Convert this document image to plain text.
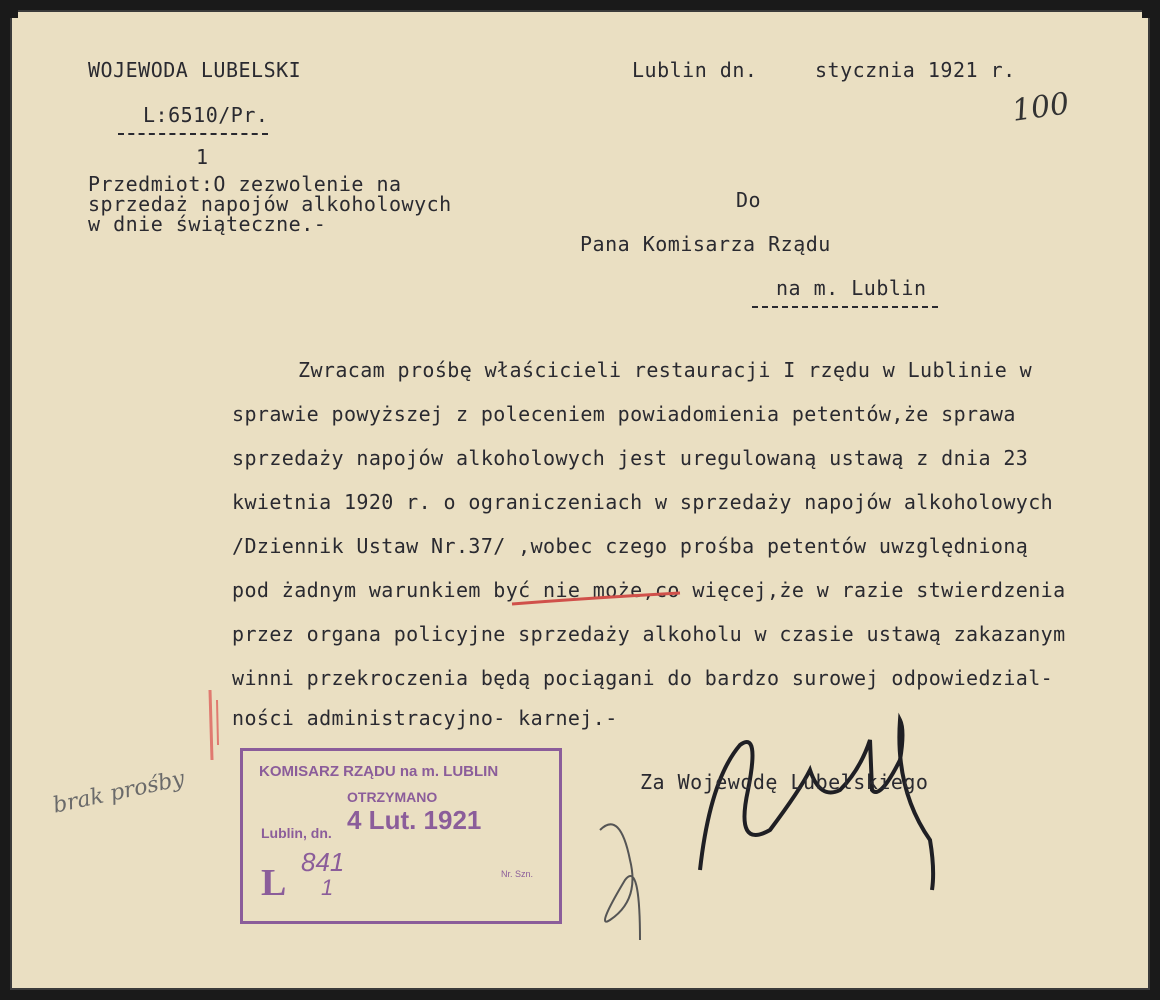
WOJEWODA LUBELSKI
L:6510/Pr.
1
Lublin dn.	stycznia 1921 r.
100
Przedmiot:O zezwolenie na
sprzedaż napojów alkoholowych
w dnie świąteczne.-
Do
Pana Komisarza Rządu
na m. Lublin
Zwracam prośbę właścicieli restauracji I rzędu w Lublinie w
sprawie powyższej z poleceniem powiadomienia petentów,że sprawa
sprzedaży napojów alkoholowych jest uregulowaną ustawą z dnia 23
kwietnia 1920 r. o ograniczeniach w sprzedaży napojów alkoholowych
/Dziennik Ustaw Nr.37/ ,wobec czego prośba petentów uwzględnioną
pod żadnym warunkiem być nie może,co więcej,że w razie stwierdzenia
przez organa policyjne sprzedaży alkoholu w czasie ustawą zakazanym
winni przekroczenia będą pociągani do bardzo surowej odpowiedzial-
ności administracyjno- karnej.-
Za Wojewodę Lubelskiego
brak prośby	KOMISARZ RZĄDU na m. LUBLIN
OTRZYMANO
Lublin, dn. 4 Lut. 1921
L 841
1
Nr. Szn.
